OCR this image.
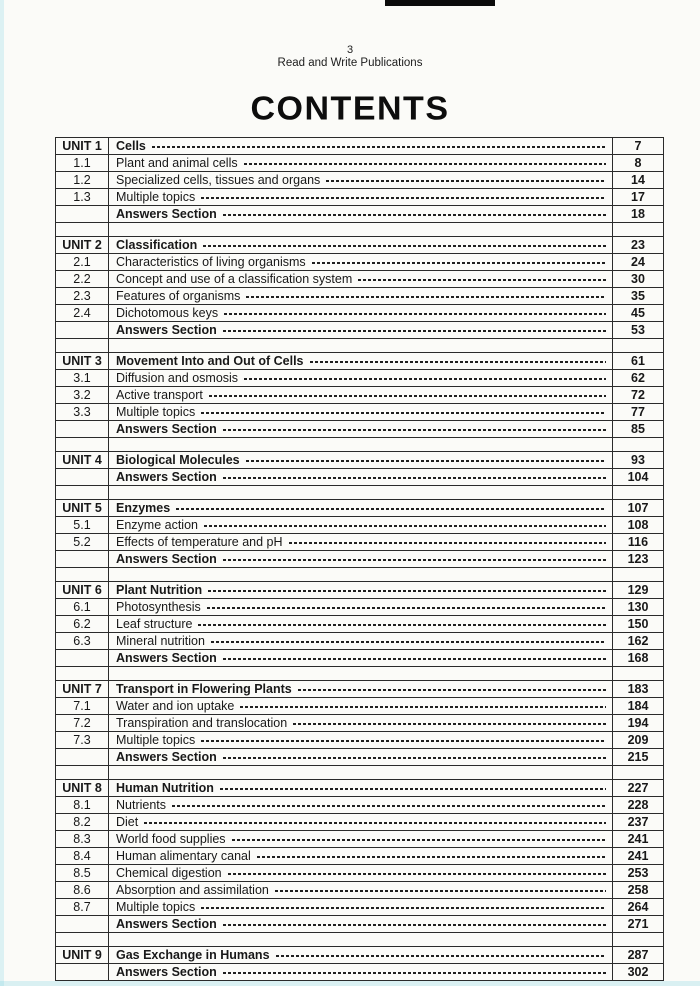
3
Read and Write Publications
CONTENTS
UNIT 1	Cells	7
1.1	Plant and animal cells	8
1.2	Specialized cells, tissues and organs	14
1.3	Multiple topics	17

	Answers Section	18

UNIT 2	Classification	23
2.1	Characteristics of living organisms	24
2.2	Concept and use of a classification system	30
2.3	Features of organisms	35
2.4	Dichotomous keys	45

	Answers Section	53

UNIT 3	Movement Into and Out of Cells	61
3.1	Diffusion and osmosis	62
3.2	Active transport	72
3.3	Multiple topics	77

	Answers Section	85

UNIT 4	Biological Molecules	93

	Answers Section	104

UNIT 5	Enzymes	107
5.1	Enzyme action	108
5.2	Effects of temperature and pH	116

	Answers Section	123

UNIT 6	Plant Nutrition	129
6.1	Photosynthesis	130
6.2	Leaf structure	150
6.3	Mineral nutrition	162

	Answers Section	168

UNIT 7	Transport in Flowering Plants	183
7.1	Water and ion uptake	184
7.2	Transpiration and translocation	194
7.3	Multiple topics	209

	Answers Section	215

UNIT 8	Human Nutrition	227
8.1	Nutrients	228
8.2	Diet	237
8.3	World food supplies	241
8.4	Human alimentary canal	241
8.5	Chemical digestion	253
8.6	Absorption and assimilation	258
8.7	Multiple topics	264

	Answers Section	271

UNIT 9	Gas Exchange in Humans	287

	Answers Section	302
